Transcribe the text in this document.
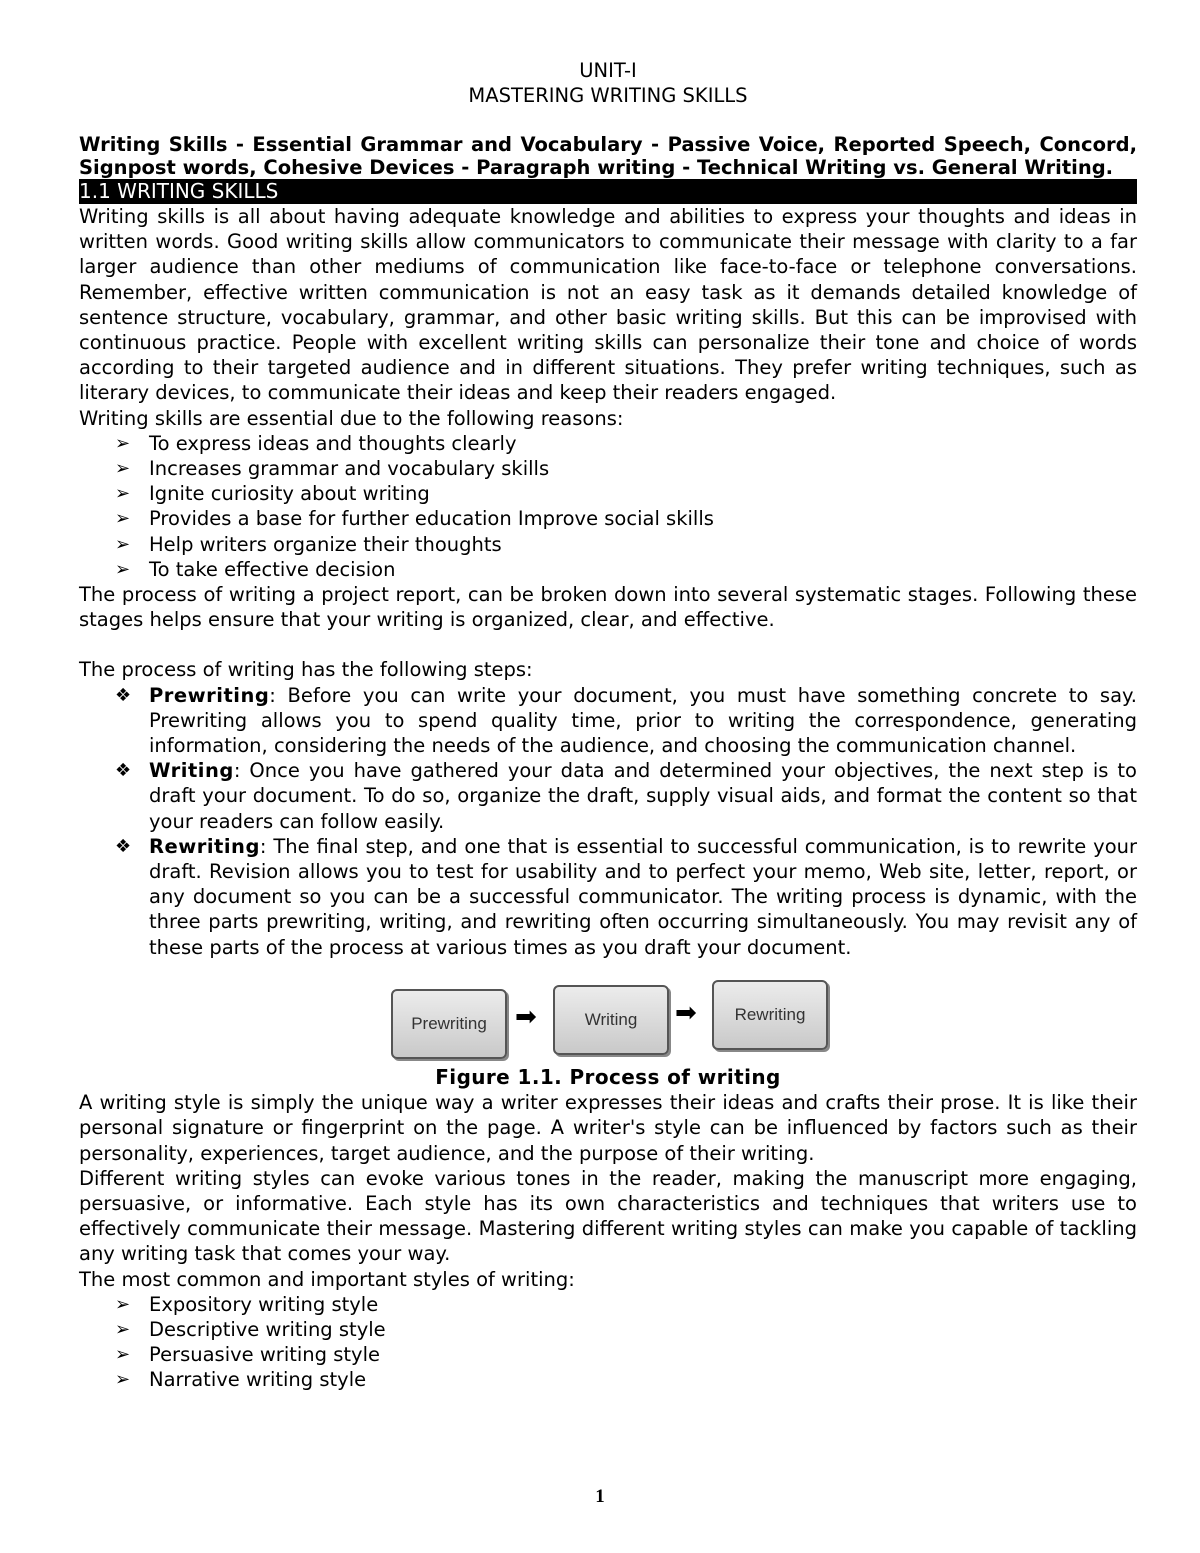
UNIT-I
MASTERING WRITING SKILLS
Writing Skills - Essential Grammar and Vocabulary - Passive Voice, Reported Speech, Concord, Signpost words, Cohesive Devices - Paragraph writing - Technical Writing vs. General Writing.
1.1 WRITING SKILLS

Writing skills is all about having adequate knowledge and abilities to express your thoughts and ideas in written words. Good writing skills allow communicators to communicate their message with clarity to a far larger audience than other mediums of communication like face-to-face or telephone conversations. Remember, effective written communication is not an easy task as it demands detailed knowledge of sentence structure, vocabulary, grammar, and other basic writing skills. But this can be improvised with continuous practice. People with excellent writing skills can personalize their tone and choice of words according to their targeted audience and in different situations. They prefer writing techniques, such as literary devices, to communicate their ideas and keep their readers engaged.

Writing skills are essential due to the following reasons:

➢ To express ideas and thoughts clearly
➢ Increases grammar and vocabulary skills
➢ Ignite curiosity about writing
➢ Provides a base for further education Improve social skills
➢ Help writers organize their thoughts
➢ To take effective decision

The process of writing a project report, can be broken down into several systematic stages. Following these stages helps ensure that your writing is organized, clear, and effective.

The process of writing has the following steps:

❖ Prewriting: Before you can write your document, you must have something concrete to say. Prewriting allows you to spend quality time, prior to writing the correspondence, generating information, considering the needs of the audience, and choosing the communication channel.
❖ Writing: Once you have gathered your data and determined your objectives, the next step is to draft your document. To do so, organize the draft, supply visual aids, and format the content so that your readers can follow easily.
❖ Rewriting: The final step, and one that is essential to successful communication, is to rewrite your draft. Revision allows you to test for usability and to perfect your memo, Web site, letter, report, or any document so you can be a successful communicator. The writing process is dynamic, with the three parts prewriting, writing, and rewriting often occurring simultaneously. You may revisit any of these parts of the process at various times as you draft your document.
Prewriting	➡	Writing	➡	Rewriting
Figure 1.1. Process of writing

A writing style is simply the unique way a writer expresses their ideas and crafts their prose. It is like their personal signature or fingerprint on the page. A writer's style can be influenced by factors such as their personality, experiences, target audience, and the purpose of their writing.

Different writing styles can evoke various tones in the reader, making the manuscript more engaging, persuasive, or informative. Each style has its own characteristics and techniques that writers use to effectively communicate their message. Mastering different writing styles can make you capable of tackling any writing task that comes your way.

The most common and important styles of writing:

➢ Expository writing style
➢ Descriptive writing style
➢ Persuasive writing style
➢ Narrative writing style
1
